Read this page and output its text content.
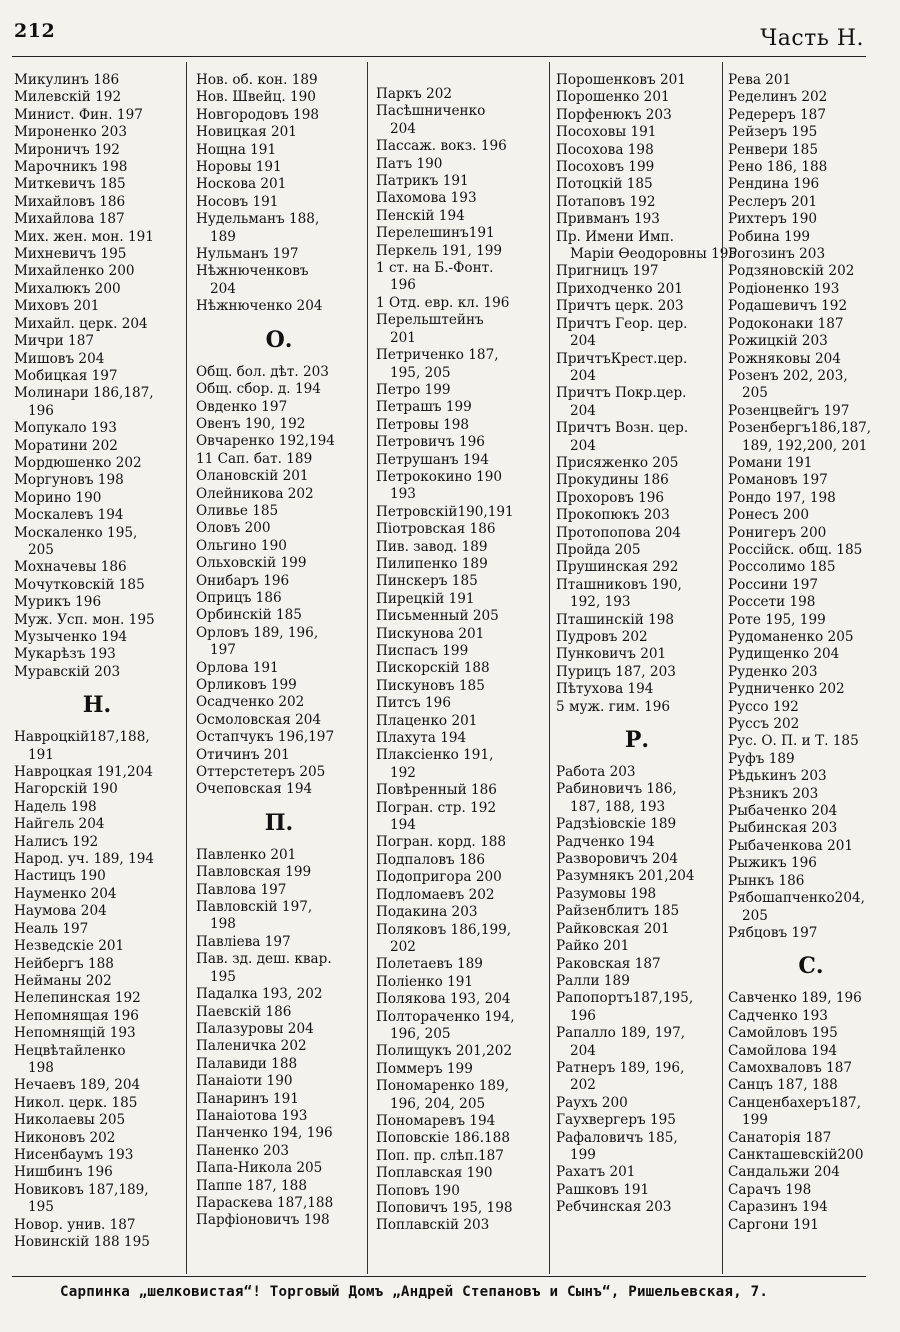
212	Часть Н.
Микулинъ 186
Милевскій 192
Минист. Фин. 197
Мироненко 203
Мироничъ 192
Марочникъ 198
Миткевичъ 185
Михайловъ 186
Михайлова 187
Мих. жен. мон. 191
Михневичъ 195
Михайленко 200
Михалюкъ 200
Миховъ 201
Михайл. церк. 204
Мичри 187
Мишовъ 204
Мобицкая 197
Молинари 186,187,
196
Мопукало 193
Моратини 202
Мордюшенко 202
Моргуновъ 198
Морино 190
Москалевъ 194
Москаленко 195,
205
Мохначевы 186
Мочутковскій 185
Мурикъ 196
Муж. Усп. мон. 195
Музыченко 194
Мукарѣзъ 193
Муравскій 203
Н.
Навроцкій187,188,
191
Навроцкая 191,204
Нагорскій 190
Надель 198
Найгель 204
Налисъ 192
Народ. уч. 189, 194
Настицъ 190
Науменко 204
Наумова 204
Неаль 197
Незведскіе 201
Нейбергъ 188
Нейманы 202
Нелепинская 192
Непомнящая 196
Непомнящій 193
Нецвѣтайленко
198
Нечаевъ 189, 204
Никол. церк. 185
Николаевы 205
Никоновъ 202
Нисенбаумъ 193
Нишбинъ 196
Новиковъ 187,189,
195
Новор. унив. 187
Новинскій 188 195
Нов. об. кон. 189
Нов. Швейц. 190
Новгородовъ 198
Новицкая 201
Нощна 191
Норовы 191
Носкова 201
Носовъ 191
Нудельманъ 188,
189
Нульманъ 197
Нѣжнюченковъ
204
Нѣжнюченко 204
О.
Общ. бол. дѣт. 203
Общ. сбор. д. 194
Овденко 197
Овенъ 190, 192
Овчаренко 192,194
11 Сап. бат. 189
Олановскій 201
Олейникова 202
Оливье 185
Оловъ 200
Ольгино 190
Ольховскій 199
Онибаръ 196
Оприцъ 186
Орбинскій 185
Орловъ 189, 196,
197
Орлова 191
Орликовъ 199
Осадченко 202
Осмоловская 204
Остапчукъ 196,197
Отичинъ 201
Оттерстетеръ 205
Очеповская 194
П.
Павленко 201
Павловская 199
Павлова 197
Павловскій 197,
198
Павліева 197
Пав. зд. деш. квар.
195
Падалка 193, 202
Паевскій 186
Палазуровы 204
Паленичка 202
Палавиди 188
Панаіоти 190
Панаринъ 191
Панаіотова 193
Панченко 194, 196
Паненко 203
Папа-Никола 205
Паппе 187, 188
Параскева 187,188
Парфіоновичъ 198
Паркъ 202
Пасѣшниченко
204
Пассаж. вокз. 196
Патъ 190
Патрикъ 191
Пахомова 193
Пенскій 194
Перелешинъ191
Перкель 191, 199
1 ст. на Б.-Фонт.
196
1 Отд. евр. кл. 196
Перельштейнъ
201
Петриченко 187,
195, 205
Петро 199
Петрашъ 199
Петровы 198
Петровичъ 196
Петрушанъ 194
Петрококино 190
193
Петровскій190,191
Піотровская 186
Пив. завод. 189
Пилипенко 189
Пинскеръ 185
Пирецкій 191
Письменный 205
Пискунова 201
Писпасъ 199
Пискорскій 188
Пискуновъ 185
Питсъ 196
Плаценко 201
Плахута 194
Плаксіенко 191,
192
Повѣренный 186
Погран. стр. 192
194
Погран. корд. 188
Подпаловъ 186
Подопригора 200
Подломаевъ 202
Подакина 203
Поляковъ 186,199,
202
Полетаевъ 189
Поліенко 191
Полякова 193, 204
Полтораченко 194,
196, 205
Полищукъ 201,202
Поммеръ 199
Пономаренко 189,
196, 204, 205
Пономаревъ 194
Поповскіе 186.188
Поп. пр. слѣп.187
Поплавская 190
Поповъ 190
Поповичъ 195, 198
Поплавскій 203
Порошенковъ 201
Порошенко 201
Порфенюкъ 203
Посоховы 191
Посохова 198
Посоховъ 199
Потоцкій 185
Потаповъ 192
Привманъ 193
Пр. Имени Имп.
Маріи Ѳеодоровны 195
Пригницъ 197
Приходченко 201
Причтъ церк. 203
Причтъ Геор. цер.
204
ПричтъКрест.цер.
204
Причтъ Покр.цер.
204
Причтъ Возн. цер.
204
Присяженко 205
Прокудины 186
Прохоровъ 196
Прокопюкъ 203
Протопопова 204
Пройда 205
Прушинская 292
Пташниковъ 190,
192, 193
Пташинскій 198
Пудровъ 202
Пунковичъ 201
Пурицъ 187, 203
Пѣтухова 194
5 муж. гим. 196
Р.
Работа 203
Рабиновичъ 186,
187, 188, 193
Радзѣіовскіе 189
Радченко 194
Разворовичъ 204
Разумнякъ 201,204
Разумовы 198
Райзенблитъ 185
Райковская 201
Райко 201
Раковская 187
Ралли 189
Рапопортъ187,195,
196
Рапалло 189, 197,
204
Ратнеръ 189, 196,
202
Раухъ 200
Гаухвергеръ 195
Рафаловичъ 185,
199
Рахатъ 201
Рашковъ 191
Ребчинская 203
Рева 201
Ределинъ 202
Редереръ 187
Рейзеръ 195
Ренвери 185
Рено 186, 188
Рендина 196
Реслеръ 201
Рихтеръ 190
Робина 199
Рогозинъ 203
Родзяновскій 202
Родіоненко 193
Родашевичъ 192
Родоконаки 187
Рожицкій 203
Рожняковы 204
Розенъ 202, 203,
205
Розенцвейгъ 197
Розенбергъ186,187,
189, 192,200, 201
Романи 191
Романовъ 197
Рондо 197, 198
Ронесъ 200
Ронигеръ 200
Россійск. общ. 185
Россолимо 185
Россини 197
Россети 198
Роте 195, 199
Рудоманенко 205
Рудищенко 204
Руденко 203
Рудниченко 202
Руссо 192
Руссъ 202
Рус. О. П. и Т. 185
Руфъ 189
Рѣдькинъ 203
Рѣзникъ 203
Рыбаченко 204
Рыбинская 203
Рыбаченкова 201
Рыжикъ 196
Рынкъ 186
Рябошапченко204,
205
Рябцовъ 197
С.
Савченко 189, 196
Садченко 193
Самойловъ 195
Самойлова 194
Самохваловъ 187
Санцъ 187, 188
Санценбахеръ187,
199
Санаторія 187
Санкташевскій200
Сандальжи 204
Сарачъ 198
Саразинъ 194
Саргони 191
Сарпинка „шелковистая“! Торговый Домъ „Андрей Степановъ и Сынъ“, Ришельевская, 7.
